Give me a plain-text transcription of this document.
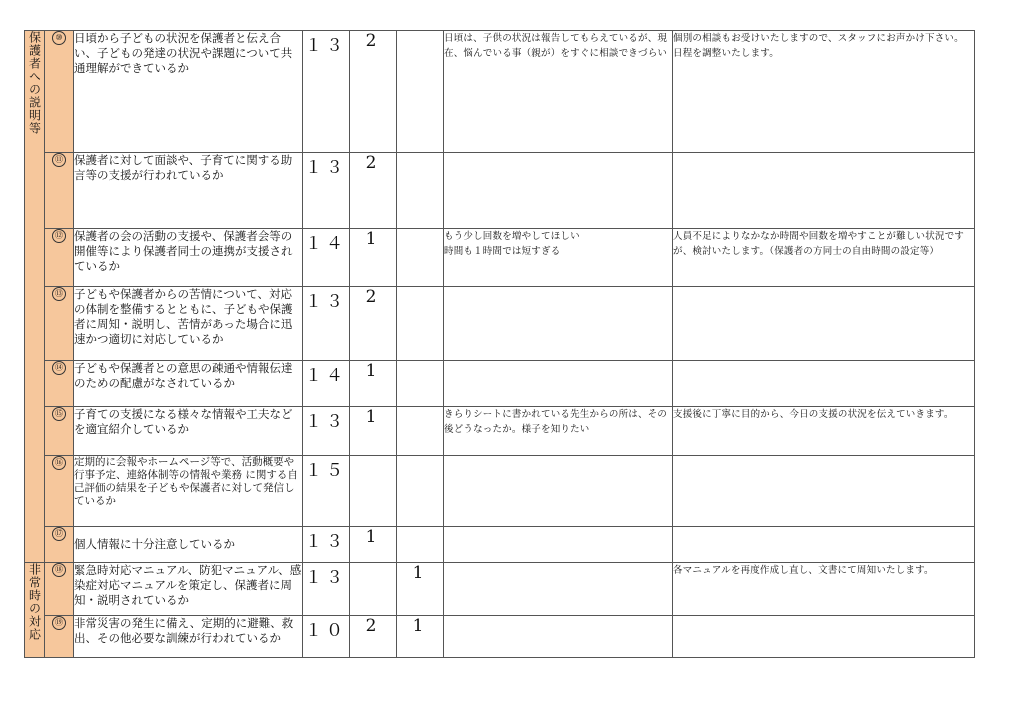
保護者への説明等	⑩	日頃から子どもの状況を保護者と伝え合い、子どもの発達の状況や課題について共通理解ができているか	１３	2		日頃は、子供の状況は報告してもらえているが、現在、悩んでいる事（親が）をすぐに相談できづらい	個別の相談もお受けいたしますので、スタッフにお声かけ下さい。
日程を調整いたします。
	⑪	保護者に対して面談や、子育てに関する助言等の支援が行われているか	１３	2			
	⑫	保護者の会の活動の支援や、保護者会等の 開催等により保護者同士の連携が支援されているか	１４	1		もう少し回数を増やしてほしい
時間も１時間では短すぎる	人員不足によりなかなか時間や回数を増やすことが難しい状況ですが、検討いたします。（保護者の方同士の自由時間の設定等）
	⑬	子どもや保護者からの苦情について、対応の体制を整備するとともに、子どもや保護者に周知・説明し、苦情があった場合に迅速かつ適切に対応しているか	１３	2			
	⑭	子どもや保護者との意思の疎通や情報伝達のための配慮がなされているか	１４	1			
	⑮	子育ての支援になる様々な情報や工夫などを適宜紹介しているか	１３	1		きらりシートに書かれている先生からの所は、その後どうなったか。様子を知りたい	支援後に丁寧に目的から、今日の支援の状況を伝えていきます。
	⑯	定期的に会報やホームページ等で、活動概要や行事予定、連絡体制等の情報や業務 に関する自己評価の結果を子どもや保護者に対して発信しているか	１５				
	⑰	個人情報に十分注意しているか	１３	1			
非常時の対応	⑱	緊急時対応マニュアル、防犯マニュアル、感染症対応マニュアルを策定し、保護者に周知・説明されているか	１３		1		各マニュアルを再度作成し直し、文書にて周知いたします。
	⑲	非常災害の発生に備え、定期的に避難、救出、その他必要な訓練が行われているか	１０	2	1		
